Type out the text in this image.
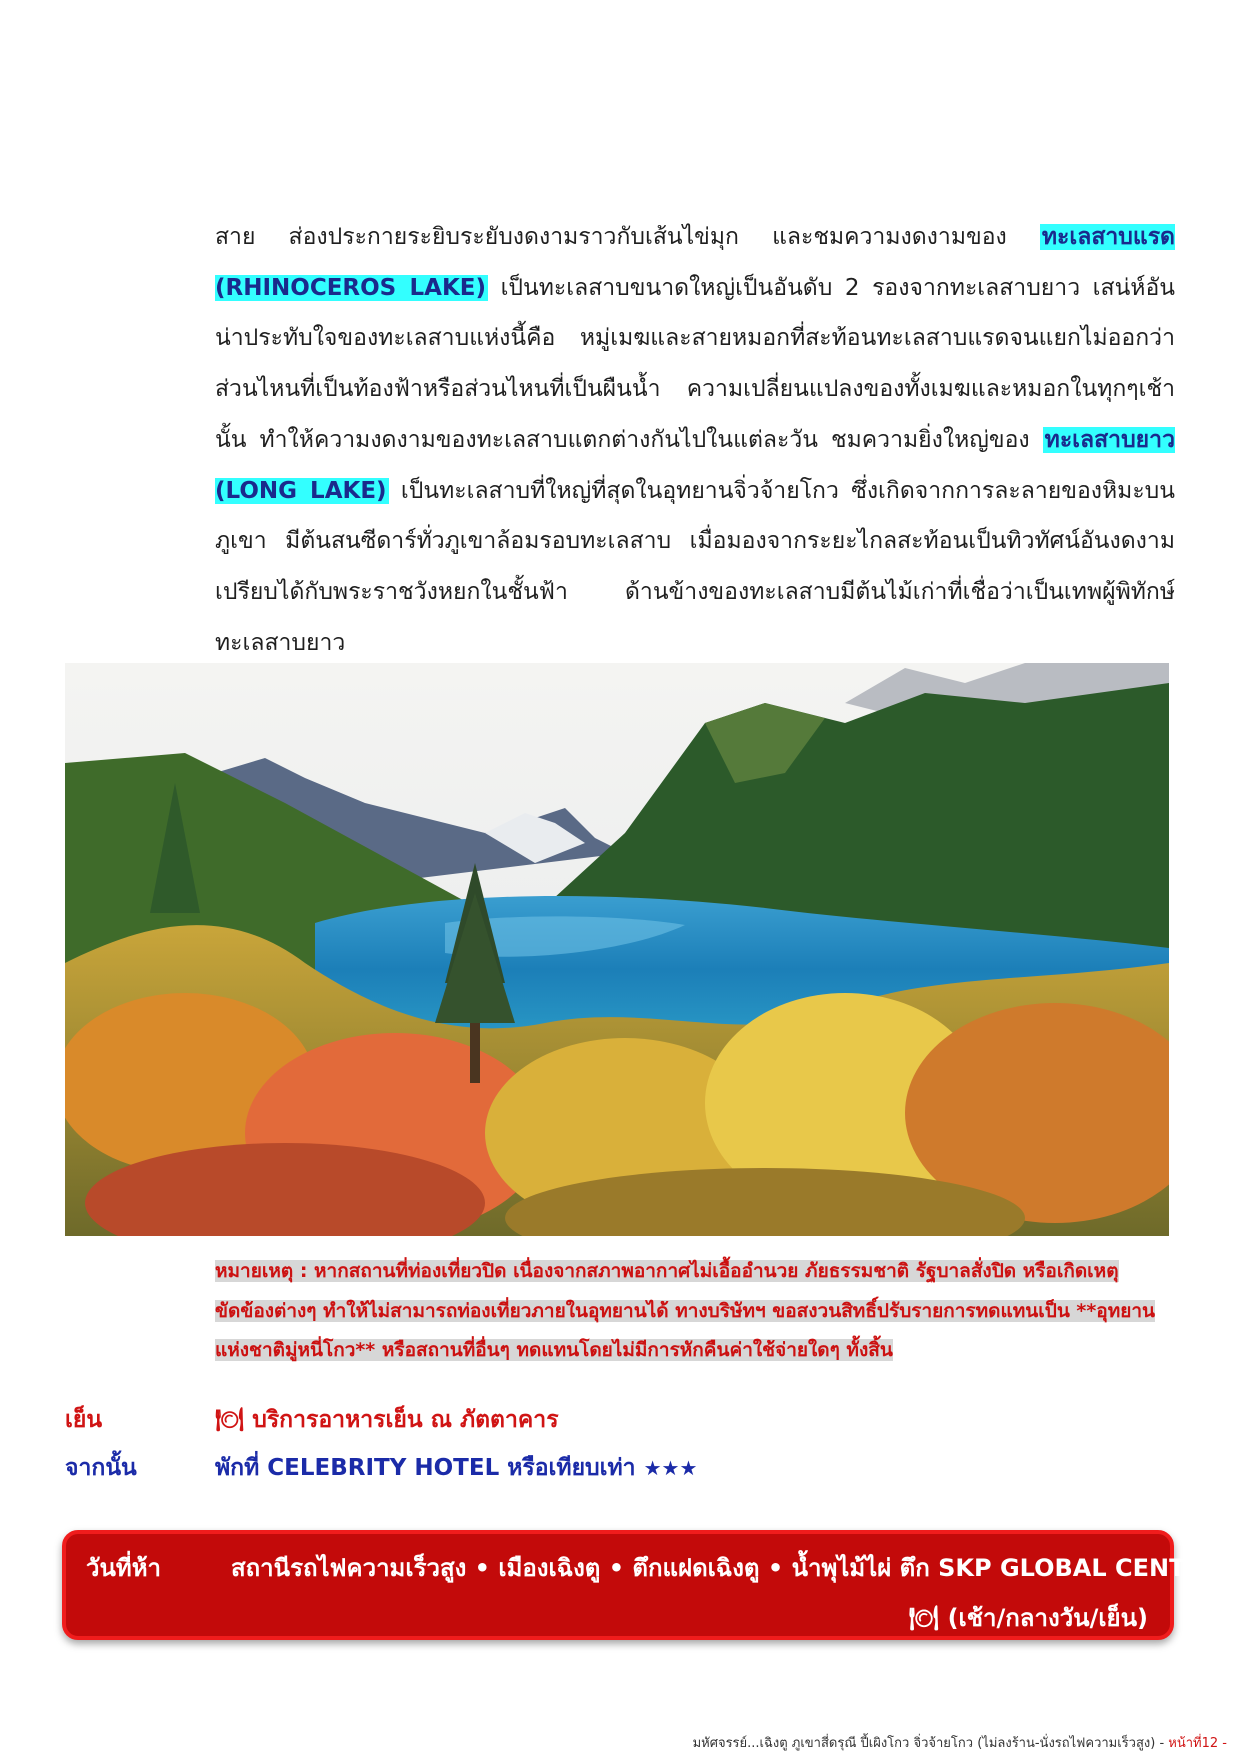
สาย ส่องประกายระยิบระยับงดงามราวกับเส้นไข่มุก และชมความงดงามของ ทะเลสาบแรด (RHINOCEROS LAKE) เป็นทะเลสาบขนาดใหญ่เป็นอันดับ 2 รองจากทะเลสาบยาว เสน่ห์อันน่าประทับใจของทะเลสาบแห่งนี้คือ หมู่เมฆและสายหมอกที่สะท้อนทะเลสาบแรดจนแยกไม่ออกว่าส่วนไหนที่เป็นท้องฟ้าหรือส่วนไหนที่เป็นผืนน้ำ ความเปลี่ยนแปลงของทั้งเมฆและหมอกในทุกๆเช้านั้น ทำให้ความงดงามของทะเลสาบแตกต่างกันไปในแต่ละวัน ชมความยิ่งใหญ่ของ ทะเลสาบยาว (LONG LAKE) เป็นทะเลสาบที่ใหญ่ที่สุดในอุทยานจิ่วจ้ายโกว ซึ่งเกิดจากการละลายของหิมะบนภูเขา มีต้นสนซีดาร์ทั่วภูเขาล้อมรอบทะเลสาบ เมื่อมองจากระยะไกลสะท้อนเป็นทิวทัศน์อันงดงามเปรียบได้กับพระราชวังหยกในชั้นฟ้า ด้านข้างของทะเลสาบมีต้นไม้เก่าที่เชื่อว่าเป็นเทพผู้พิทักษ์ทะเลสาบยาว

หมายเหตุ : หากสถานที่ท่องเที่ยวปิด เนื่องจากสภาพอากาศไม่เอื้ออำนวย ภัยธรรมชาติ รัฐบาลสั่งปิด หรือเกิดเหตุขัดข้องต่างๆ ทำให้ไม่สามารถท่องเที่ยวภายในอุทยานได้ ทางบริษัทฯ ขอสงวนสิทธิ์ปรับรายการทดแทนเป็น **อุทยานแห่งชาติมู่หนี่โกว** หรือสถานที่อื่นๆ ทดแทนโดยไม่มีการหักคืนค่าใช้จ่ายใดๆ ทั้งสิ้น

เย็น	🍽 บริการอาหารเย็น ณ ภัตตาคาร
จากนั้น	พักที่ CELEBRITY HOTEL หรือเทียบเท่า ★★★
วันที่ห้า	สถานีรถไฟความเร็วสูง • เมืองเฉิงตู • ตึกแฝดเฉิงตู • น้ำพุไม้ไผ่ ตึก SKP GLOBAL CENTER
🍽 (เช้า/กลางวัน/เย็น)
มหัศจรรย์...เฉิงตู ภูเขาสี่ดรุณี ปี้เผิงโกว จิ่วจ้ายโกว (ไม่ลงร้าน-นั่งรถไฟความเร็วสูง) - หน้าที่12 -
